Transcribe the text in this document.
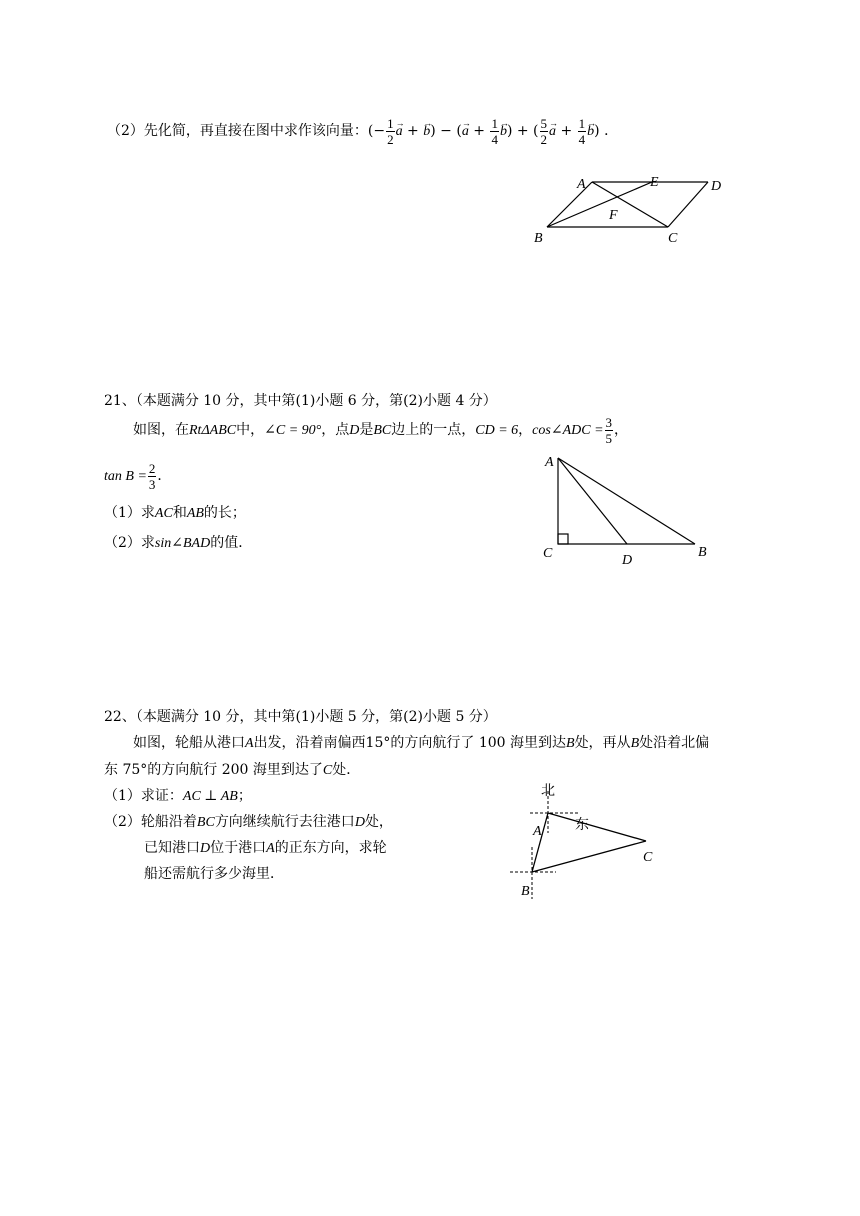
（2）先化简，再直接在图中求作该向量：(− $\frac{1}{2}$
→ a + → b) − (→ $a + \frac{1}{4}$
→ b) + ( $\frac{5}{2}$
→ $a + \frac{1}{4}$
→ b) ．
A	E	D
F
B	C
21、（本题满分 10 分，其中第(1)小题 6 分，第(2)小题 4 分）
如图，在RtΔABC中，∠C = 90°，点D是BC边上的一点，CD = 6，cos∠ADC = $\frac{3}{5}$ ，
$\tan B = \frac{2}{3}$ ．
（1）求AC和AB的长；
（2）求sin∠BAD的值．
A
C	D
B
22、（本题满分 10 分，其中第(1)小题 5 分，第(2)小题 5 分）
如图，轮船从港口A出发，沿着南偏西15°的方向航行了 100 海里到达B处，再从B处沿着北偏
东 75°的方向航行 200 海里到达了C处．
（1）求证：AC ⊥ AB；
（2）轮船沿着BC方向继续航行去往港口D处，
已知港口D位于港口A的正东方向，求轮
船还需航行多少海里．
北
东
A
B
C
